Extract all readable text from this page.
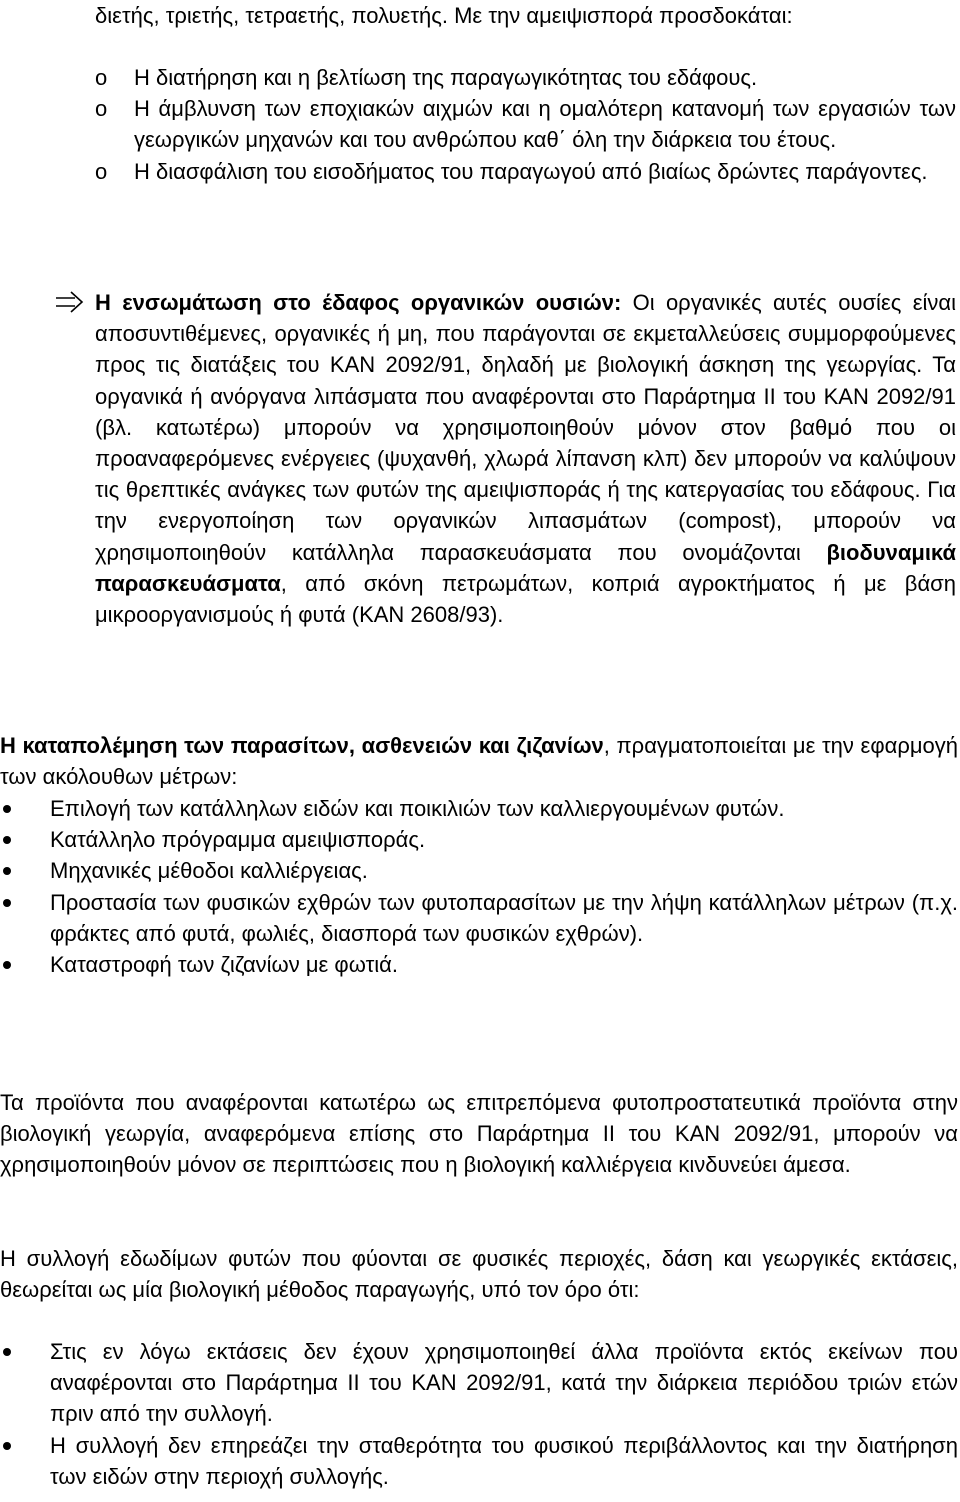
διετής, τριετής, τετραετής, πολυετής. Με την αμειψισπορά προσδοκάται:

o Η διατήρηση και η βελτίωση της παραγωγικότητας του εδάφους.
o Η άμβλυνση των εποχιακών αιχμών και η ομαλότερη κατανομή των εργασιών των γεωργικών μηχανών και του ανθρώπου καθ΄ όλη την διάρκεια του έτους.
o Η διασφάλιση του εισοδήματος του παραγωγού από βιαίως δρώντες παράγοντες.

Η ενσωμάτωση στο έδαφος οργανικών ουσιών: Οι οργανικές αυτές ουσίες είναι αποσυντιθέμενες, οργανικές ή μη, που παράγονται σε εκμεταλλεύσεις συμμορφούμενες προς τις διατάξεις του ΚΑΝ 2092/91, δηλαδή με βιολογική άσκηση της γεωργίας. Τα οργανικά ή ανόργανα λιπάσματα που αναφέρονται στο Παράρτημα ΙΙ του ΚΑΝ 2092/91 (βλ. κατωτέρω) μπορούν να χρησιμοποιηθούν μόνον στον βαθμό που οι προαναφερόμενες ενέργειες (ψυχανθή, χλωρά λίπανση κλπ) δεν μπορούν να καλύψουν τις θρεπτικές ανάγκες των φυτών της αμειψισποράς ή της κατεργασίας του εδάφους. Για την ενεργοποίηση των οργανικών λιπασμάτων (compost), μπορούν να χρησιμοποιηθούν κατάλληλα παρασκευάσματα που ονομάζονται βιοδυναμικά παρασκευάσματα, από σκόνη πετρωμάτων, κοπριά αγροκτήματος ή με βάση μικροοργανισμούς ή φυτά (ΚΑΝ 2608/93).

Η καταπολέμηση των παρασίτων, ασθενειών και ζιζανίων, πραγματοποιείται με την εφαρμογή των ακόλουθων μέτρων:

Επιλογή των κατάλληλων ειδών και ποικιλιών των καλλιεργουμένων φυτών.
Κατάλληλο πρόγραμμα αμειψισποράς.
Μηχανικές μέθοδοι καλλιέργειας.
Προστασία των φυσικών εχθρών των φυτοπαρασίτων με την λήψη κατάλληλων μέτρων (π.χ. φράκτες από φυτά, φωλιές, διασπορά των φυσικών εχθρών).
Καταστροφή των ζιζανίων με φωτιά.

Τα προϊόντα που αναφέρονται κατωτέρω ως επιτρεπόμενα φυτοπροστατευτικά προϊόντα στην βιολογική γεωργία, αναφερόμενα επίσης στο Παράρτημα ΙΙ του ΚΑΝ 2092/91, μπορούν να χρησιμοποιηθούν μόνον σε περιπτώσεις που η βιολογική καλλιέργεια κινδυνεύει άμεσα.

Η συλλογή εδωδίμων φυτών που φύονται σε φυσικές περιοχές, δάση και γεωργικές εκτάσεις, θεωρείται ως μία βιολογική μέθοδος παραγωγής, υπό τον όρο ότι:

Στις εν λόγω εκτάσεις δεν έχουν χρησιμοποιηθεί άλλα προϊόντα εκτός εκείνων που αναφέρονται στο Παράρτημα ΙΙ του ΚΑΝ 2092/91, κατά την διάρκεια περιόδου τριών ετών πριν από την συλλογή.
Η συλλογή δεν επηρεάζει την σταθερότητα του φυσικού περιβάλλοντος και την διατήρηση των ειδών στην περιοχή συλλογής.
